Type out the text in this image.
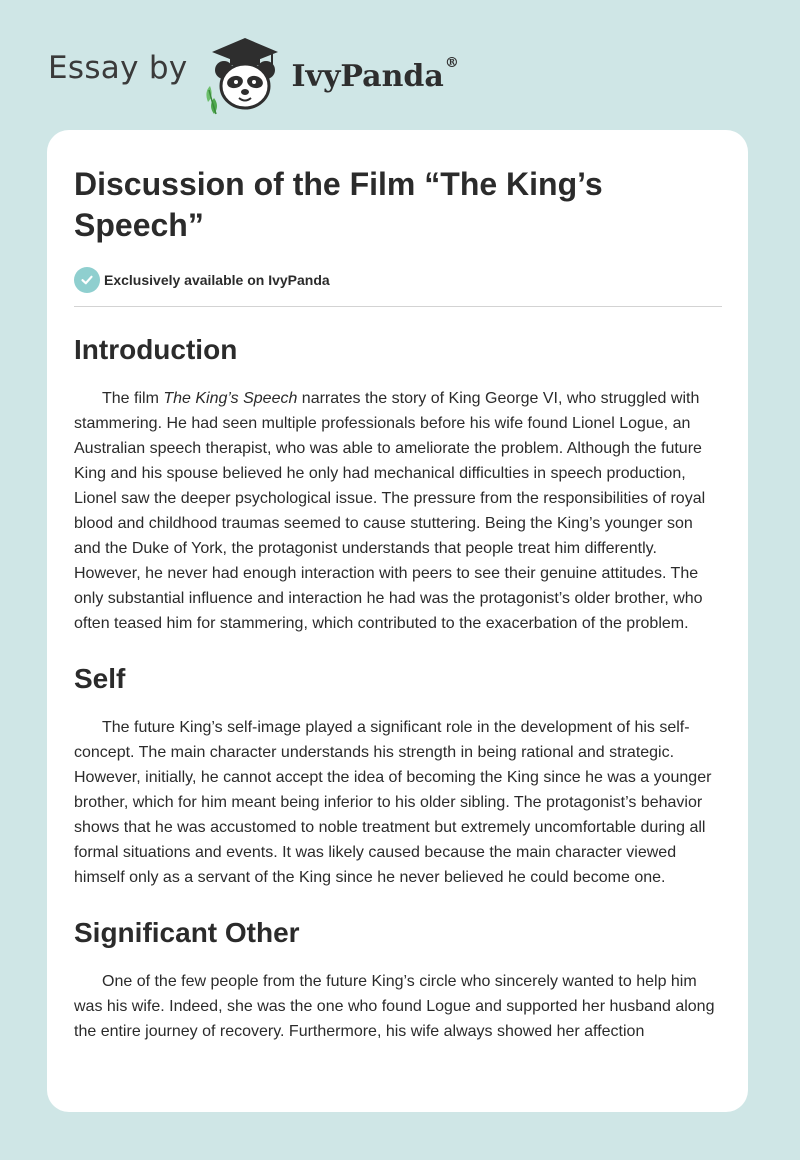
Essay by	IvyPanda®
Discussion of the Film “The King’s Speech”
Exclusively available on IvyPanda
Introduction

The film The King’s Speech narrates the story of King George VI, who struggled with stammering. He had seen multiple professionals before his wife found Lionel Logue, an Australian speech therapist, who was able to ameliorate the problem. Although the future King and his spouse believed he only had mechanical difficulties in speech production, Lionel saw the deeper psychological issue. The pressure from the responsibilities of royal blood and childhood traumas seemed to cause stuttering. Being the King’s younger son and the Duke of York, the protagonist understands that people treat him differently. However, he never had enough interaction with peers to see their genuine attitudes. The only substantial influence and interaction he had was the protagonist’s older brother, who often teased him for stammering, which contributed to the exacerbation of the problem.

Self

The future King’s self-image played a significant role in the development of his self-concept. The main character understands his strength in being rational and strategic. However, initially, he cannot accept the idea of becoming the King since he was a younger brother, which for him meant being inferior to his older sibling. The protagonist’s behavior shows that he was accustomed to noble treatment but extremely uncomfortable during all formal situations and events. It was likely caused because the main character viewed himself only as a servant of the King since he never believed he could become one.

Significant Other

One of the few people from the future King’s circle who sincerely wanted to help him was his wife. Indeed, she was the one who found Logue and supported her husband along the entire journey of recovery. Furthermore, his wife always showed her affection
